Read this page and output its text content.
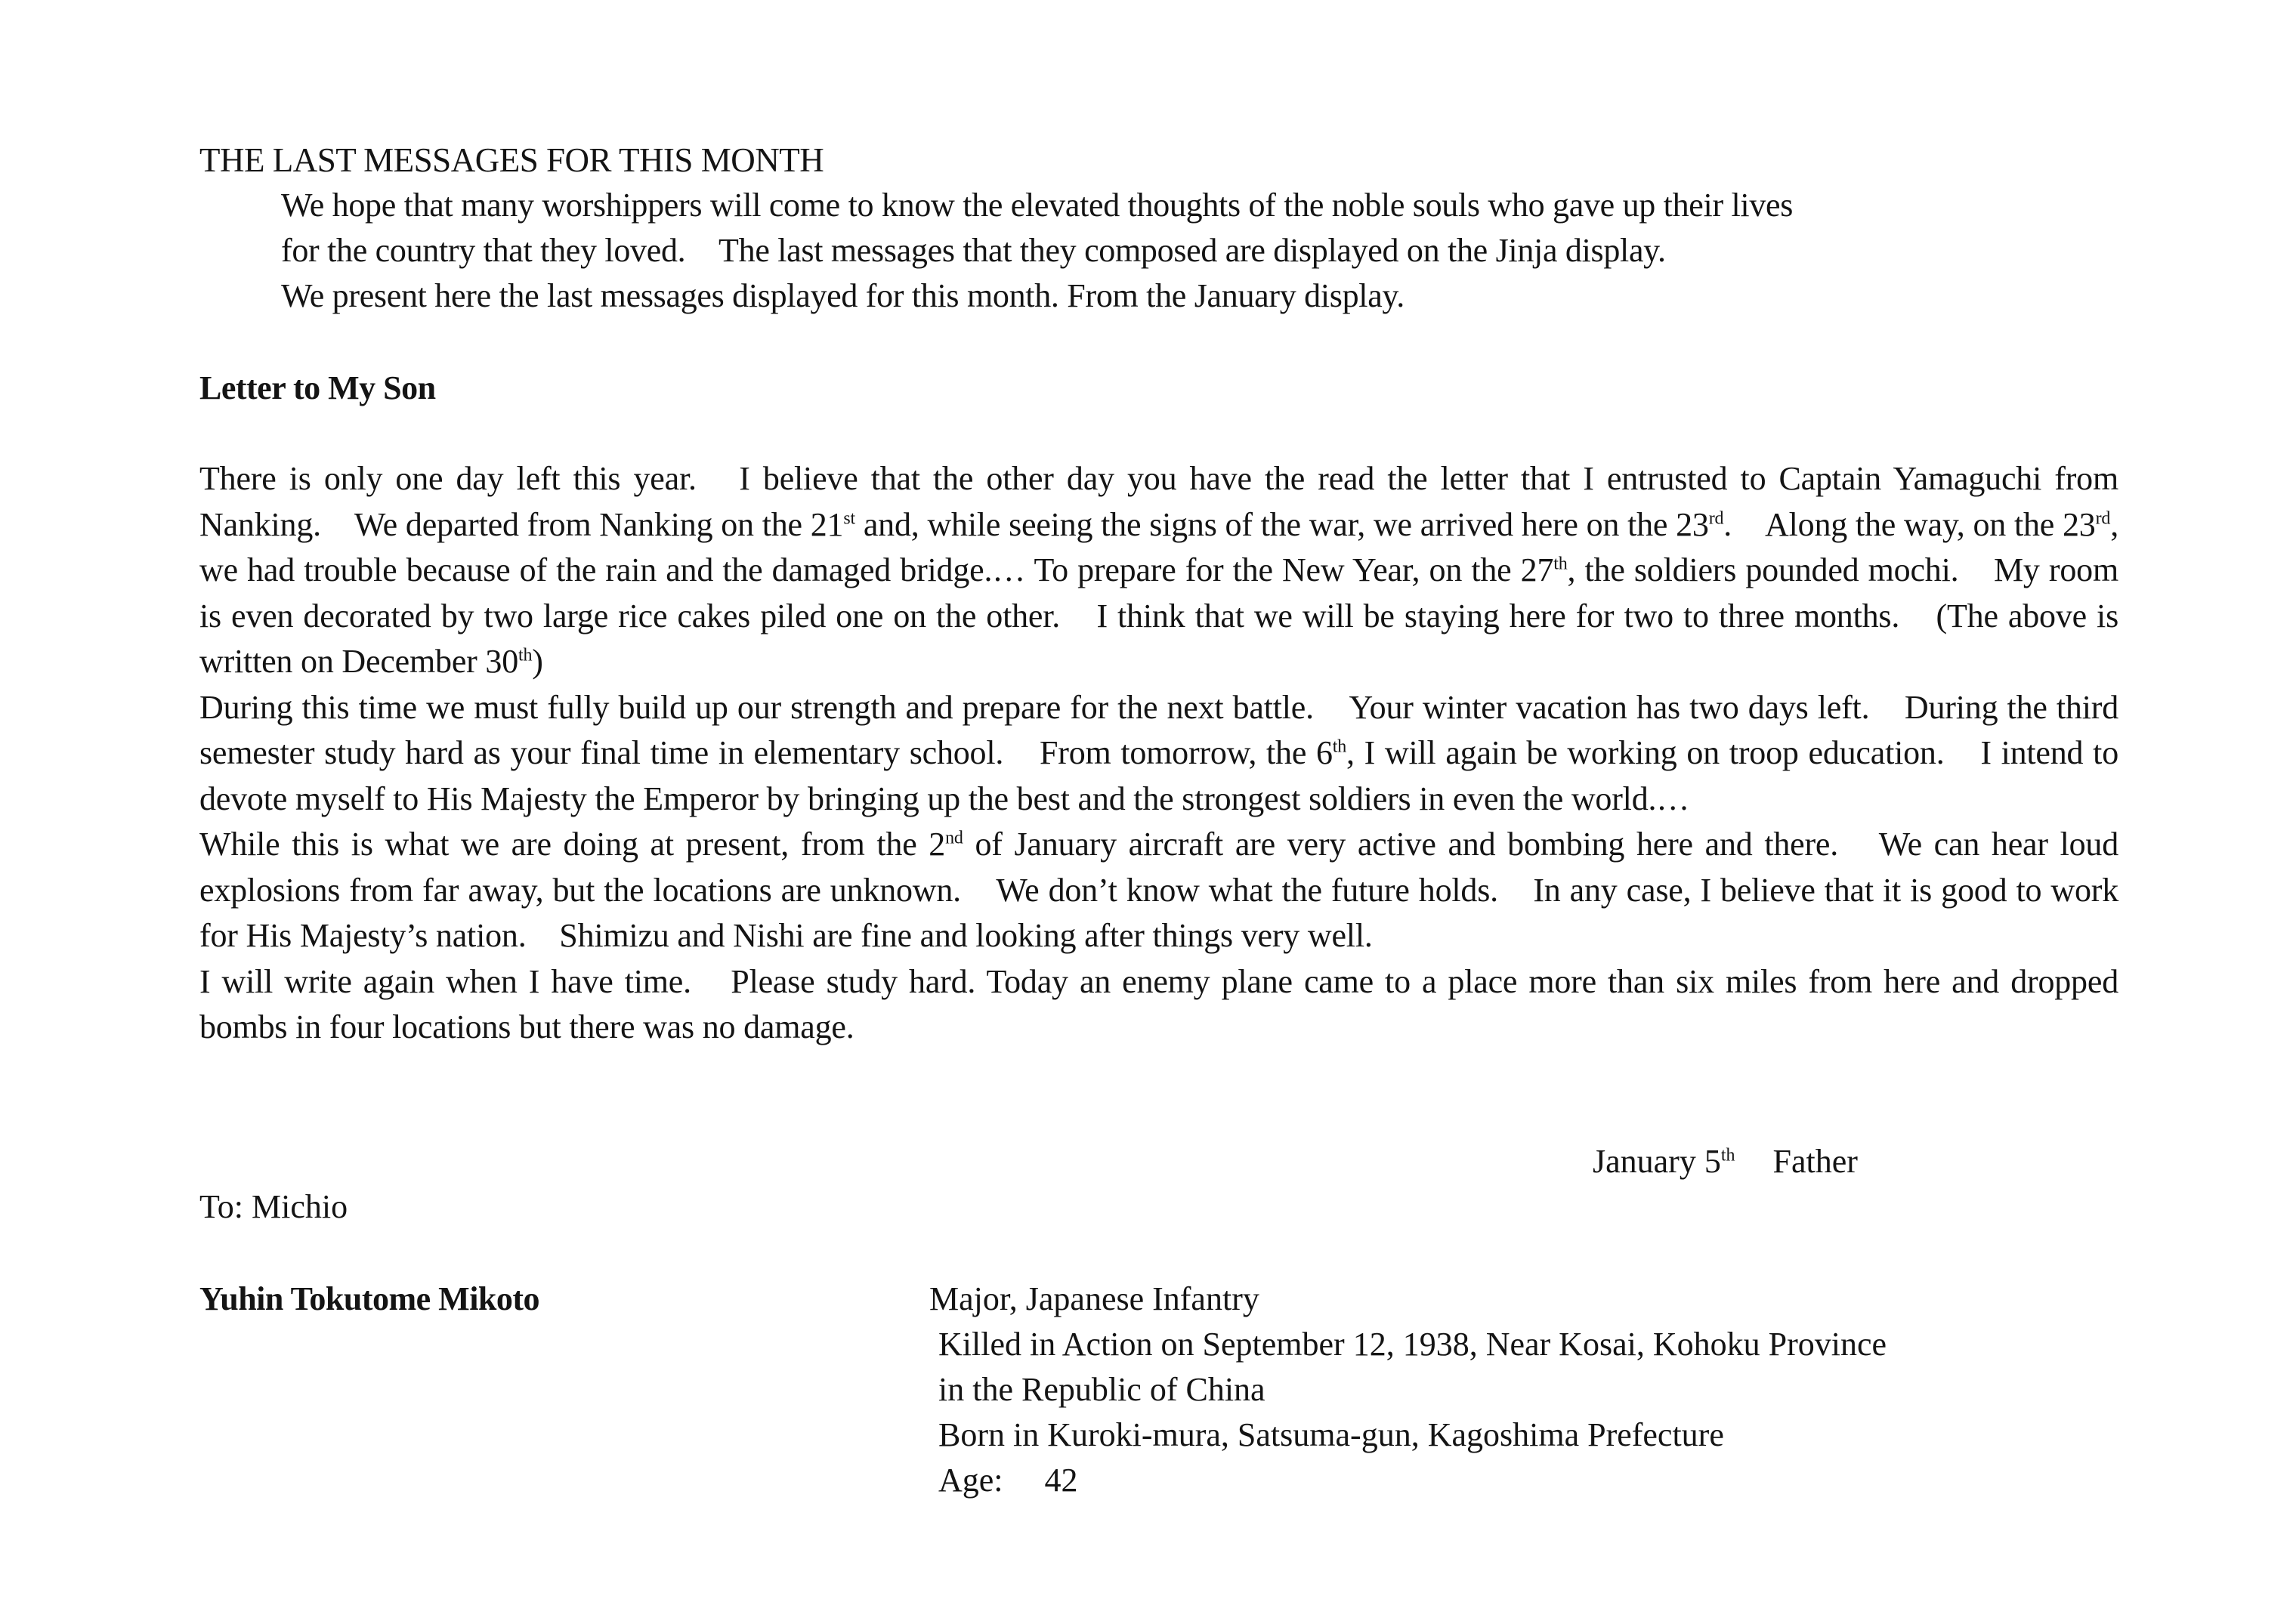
THE LAST MESSAGES FOR THIS MONTH
We hope that many worshippers will come to know the elevated thoughts of the noble souls who gave up their lives
for the country that they loved.　The last messages that they composed are displayed on the Jinja display.
We present here the last messages displayed for this month. From the January display.
Letter to My Son

There is only one day left this year.　I believe that the other day you have the read the letter that I entrusted to Captain Yamaguchi from Nanking.　We departed from Nanking on the 21st and, while seeing the signs of the war, we arrived here on the 23rd.　Along the way, on the 23rd, we had trouble because of the rain and the damaged bridge.… To prepare for the New Year, on the 27th, the soldiers pounded mochi.　My room is even decorated by two large rice cakes piled one on the other.　I think that we will be staying here for two to three months.　(The above is written on December 30th)

During this time we must fully build up our strength and prepare for the next battle.　Your winter vacation has two days left.　During the third semester study hard as your final time in elementary school.　From tomorrow, the 6th, I will again be working on troop education.　I intend to devote myself to His Majesty the Emperor by bringing up the best and the strongest soldiers in even the world.…

While this is what we are doing at present, from the 2nd of January aircraft are very active and bombing here and there.　We can hear loud explosions from far away, but the locations are unknown.　We don’t know what the future holds.　In any case, I believe that it is good to work for His Majesty’s nation.　Shimizu and Nishi are fine and looking after things very well.

I will write again when I have time.　Please study hard. Today an enemy plane came to a place more than six miles from here and dropped bombs in four locations but there was no damage.

January 5th Father
To: Michio
Yuhin Tokutome Mikoto	Major, Japanese Infantry
Killed in Action on September 12, 1938, Near Kosai, Kohoku Province
in the Republic of China
Born in Kuroki-mura, Satsuma-gun, Kagoshima Prefecture
Age:　 42
